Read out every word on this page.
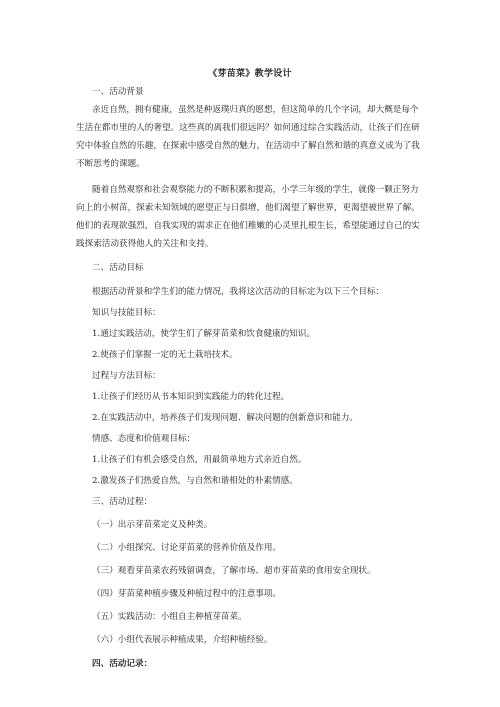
《芽苗菜》教学设计
一、活动背景
亲近自然，拥有健康，虽然是种返璞归真的愿想，但这简单的几个字词，却大概是每个
生活在都市里的人的奢望。这些真的离我们很远吗？如何通过综合实践活动，让孩子们在研
究中体验自然的乐趣，在探索中感受自然的魅力，在活动中了解自然和谐的真意义成为了我
不断思考的课题。
随着自然观察和社会观察能力的不断积累和提高，小学三年级的学生，就像一颗正努力
向上的小树苗，探索未知领域的愿望正与日俱增，他们渴望了解世界，更渴望被世界了解。
他们的表现欲强烈，自我实现的需求正在他们稚嫩的心灵里扎根生长，希望能通过自己的实
践探索活动获得他人的关注和支持。
二、活动目标
根据活动背景和学生们的能力情况，我将这次活动的目标定为以下三个目标：
知识与技能目标：
1.通过实践活动，使学生们了解芽苗菜和饮食健康的知识。
2.使孩子们掌握一定的无土栽培技术。
过程与方法目标：
1.让孩子们经历从书本知识到实践能力的转化过程。
2.在实践活动中，培养孩子们发现问题、解决问题的创新意识和能力。
情感、态度和价值观目标：
1.让孩子们有机会感受自然，用最简单地方式亲近自然。
2.激发孩子们热爱自然，与自然和谐相处的朴素情感。
三、活动过程：
（一）出示芽苗菜定义及种类。
（二）小组探究、讨论芽苗菜的营养价值及作用。
（三）观看芽苗菜农药残留调查，了解市场、超市芽苗菜的食用安全现状。
（四）芽苗菜种植步骤及种植过程中的注意事项。
（五）实践活动：小组自主种植芽苗菜。
（六）小组代表展示种植成果，介绍种植经验。
四、活动记录：
